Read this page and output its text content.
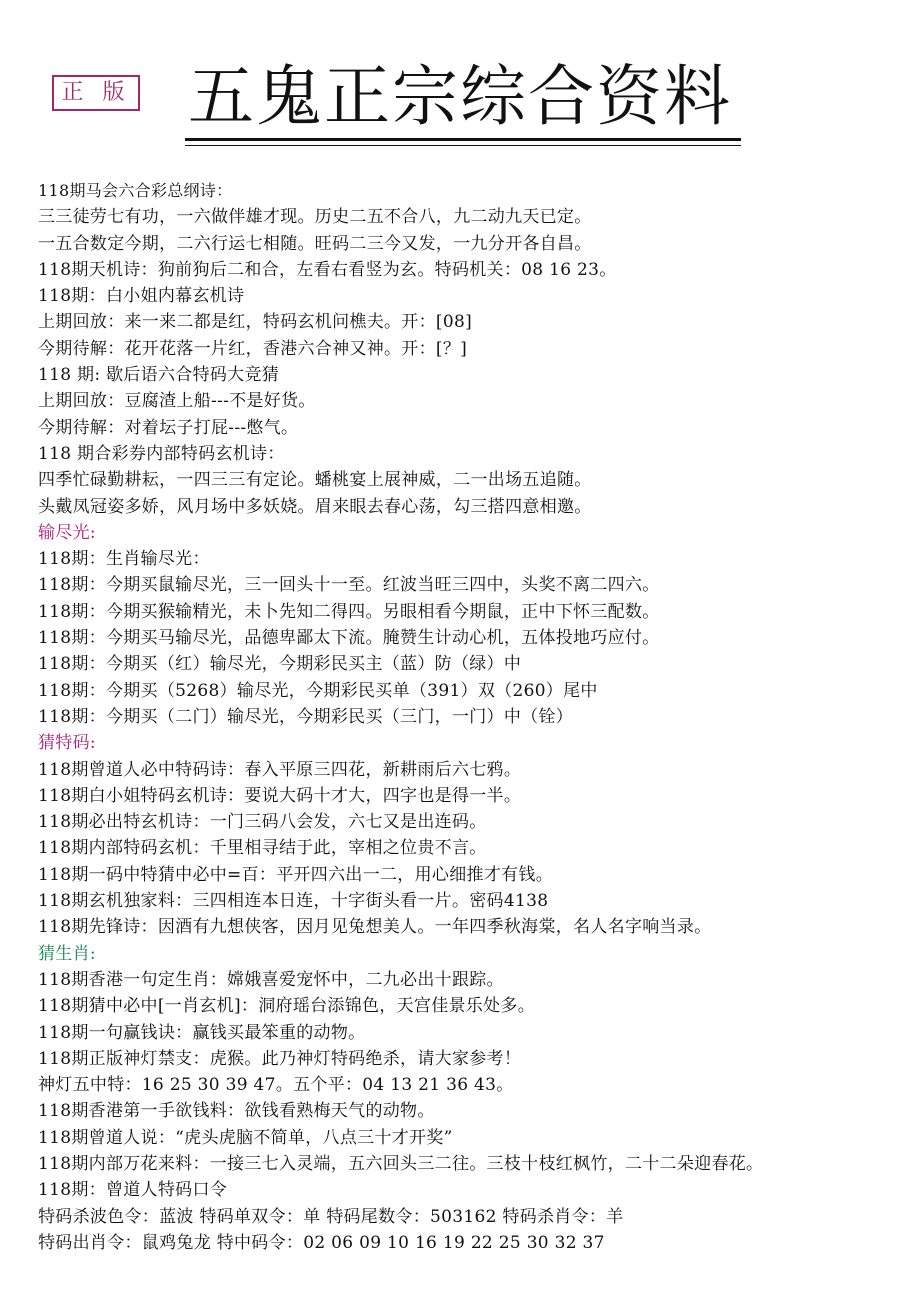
正 版 五鬼正宗综合资料
118期马会六合彩总纲诗：
三三徒劳七有功，一六做伴雄才现。历史二五不合八，九二动九天已定。
一五合数定今期，二六行运七相随。旺码二三今又发，一九分开各自昌。
118期天机诗：狗前狗后二和合，左看右看竖为玄。特码机关：08 16 23。
118期：白小姐内幕玄机诗
上期回放：来一来二都是红，特码玄机问樵夫。开：[08]
今期待解：花开花落一片红，香港六合神又神。开：[？]
118 期: 歇后语六合特码大竞猜
上期回放：豆腐渣上船---不是好货。
今期待解：对着坛子打屁---憋气。
118 期合彩券内部特码玄机诗：
四季忙碌勤耕耘，一四三三有定论。蟠桃宴上展神威，二一出场五追随。
头戴凤冠姿多娇，风月场中多妖娆。眉来眼去春心荡，勾三搭四意相邀。
输尽光:
118期：生肖输尽光：
118期：今期买鼠输尽光，三一回头十一至。红波当旺三四中，头奖不离二四六。
118期：今期买猴输精光，未卜先知二得四。另眼相看今期鼠，正中下怀三配数。
118期：今期买马输尽光，品德卑鄙太下流。腌赞生计动心机，五体投地巧应付。
118期：今期买（红）输尽光，今期彩民买主（蓝）防（绿）中
118期：今期买（5268）输尽光，今期彩民买单（391）双（260）尾中
118期：今期买（二门）输尽光，今期彩民买（三门，一门）中（铨）
猜特码:
118期曾道人必中特码诗：春入平原三四花，新耕雨后六七鸦。
118期白小姐特码玄机诗：要说大码十才大，四字也是得一半。
118期必出特玄机诗：一门三码八会发，六七又是出连码。
118期内部特码玄机：千里相寻结于此，宰相之位贵不言。
118期一码中特猜中必中=百：平开四六出一二，用心细推才有钱。
118期玄机独家料：三四相连本日连，十字街头看一片。密码4138
118期先锋诗：因酒有九想侠客，因月见兔想美人。一年四季秋海棠，名人名字响当录。
猜生肖:
118期香港一句定生肖：嫦娥喜爱宠怀中，二九必出十跟踪。
118期猜中必中[一肖玄机]：洞府瑶台添锦色，天宫佳景乐处多。
118期一句赢钱诀：赢钱买最笨重的动物。
118期正版神灯禁支：虎猴。此乃神灯特码绝杀，请大家参考！
神灯五中特：16 25 30 39 47。五个平：04 13 21 36 43。
118期香港第一手欲钱料：欲钱看熟梅天气的动物。
118期曾道人说：“虎头虎脑不简单，八点三十才开奖”
118期内部万花来料：一接三七入灵端，五六回头三二往。三枝十枝红枫竹，二十二朵迎春花。
118期：曾道人特码口令
特码杀波色令：蓝波 特码单双令：单 特码尾数令：503162 特码杀肖令：羊
特码出肖令：鼠鸡兔龙 特中码令：02 06 09 10 16 19 22 25 30 32 37
